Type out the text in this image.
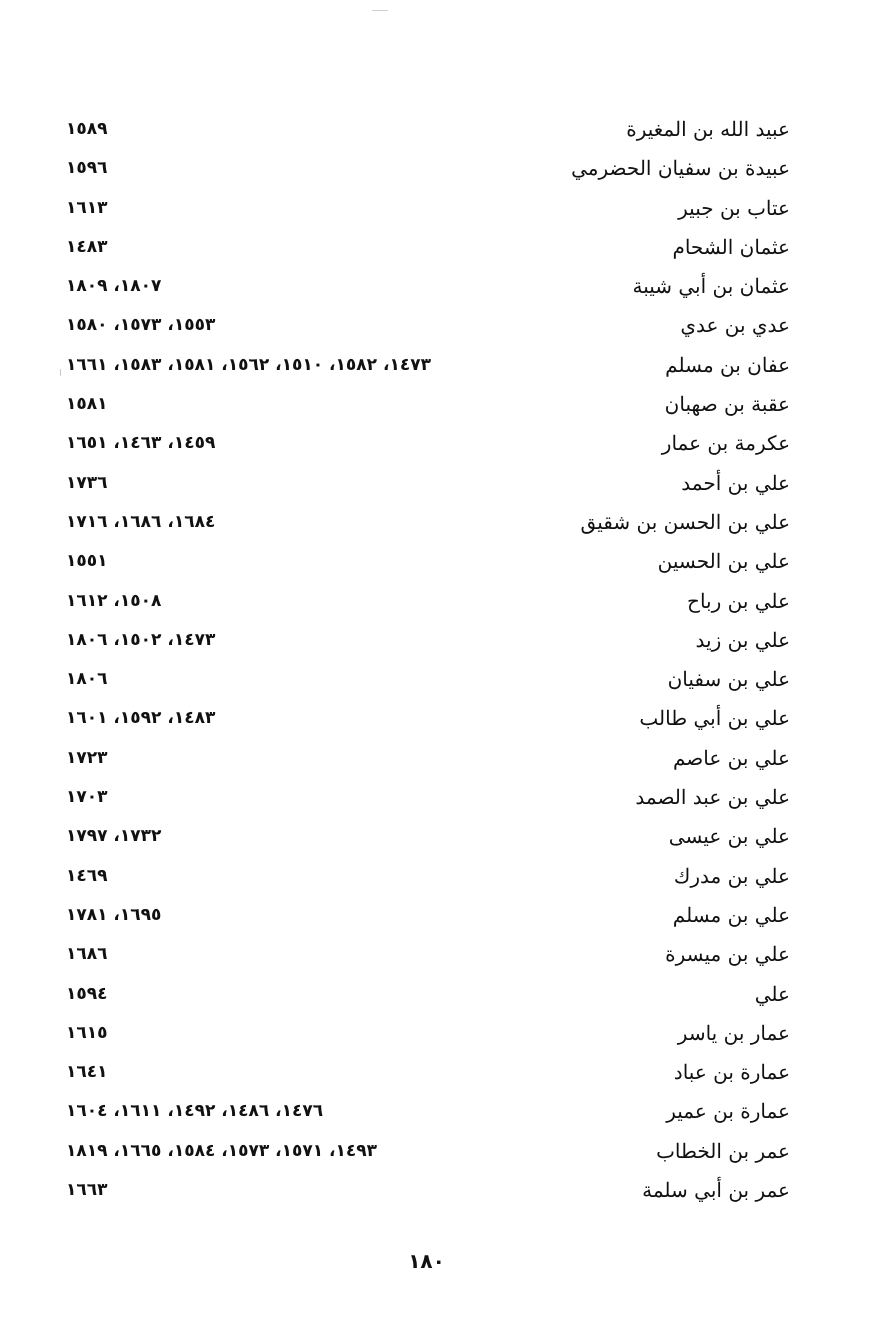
عبيد الله بن المغيرة
١٥٨٩
عبيدة بن سفيان الحضرمي
١٥٩٦
عتاب بن جبير
١٦١٣
عثمان الشحام
١٤٨٣
عثمان بن أبي شيبة
١٨٠٧، ١٨٠٩
عدي بن عدي
١٥٥٣، ١٥٧٣، ١٥٨٠
عفان بن مسلم
١٤٧٣، ١٥٨٢، ١٥١٠، ١٥٦٢، ١٥٨١، ١٥٨٣، ١٦٦١
عقبة بن صهبان
١٥٨١
عكرمة بن عمار
١٤٥٩، ١٤٦٣، ١٦٥١
علي بن أحمد
١٧٣٦
علي بن الحسن بن شقيق
١٦٨٤، ١٦٨٦، ١٧١٦
علي بن الحسين
١٥٥١
علي بن رباح
١٥٠٨، ١٦١٢
علي بن زيد
١٤٧٣، ١٥٠٢، ١٨٠٦
علي بن سفيان
١٨٠٦
علي بن أبي طالب
١٤٨٣، ١٥٩٢، ١٦٠١
علي بن عاصم
١٧٢٣
علي بن عبد الصمد
١٧٠٣
علي بن عيسى
١٧٣٢، ١٧٩٧
علي بن مدرك
١٤٦٩
علي بن مسلم
١٦٩٥، ١٧٨١
علي بن ميسرة
١٦٨٦
علي
١٥٩٤
عمار بن ياسر
١٦١٥
عمارة بن عباد
١٦٤١
عمارة بن عمير
١٤٧٦، ١٤٨٦، ١٤٩٢، ١٦١١، ١٦٠٤
عمر بن الخطاب
١٤٩٣، ١٥٧١، ١٥٧٣، ١٥٨٤، ١٦٦٥، ١٨١٩
عمر بن أبي سلمة
١٦٦٣
١٨٠
